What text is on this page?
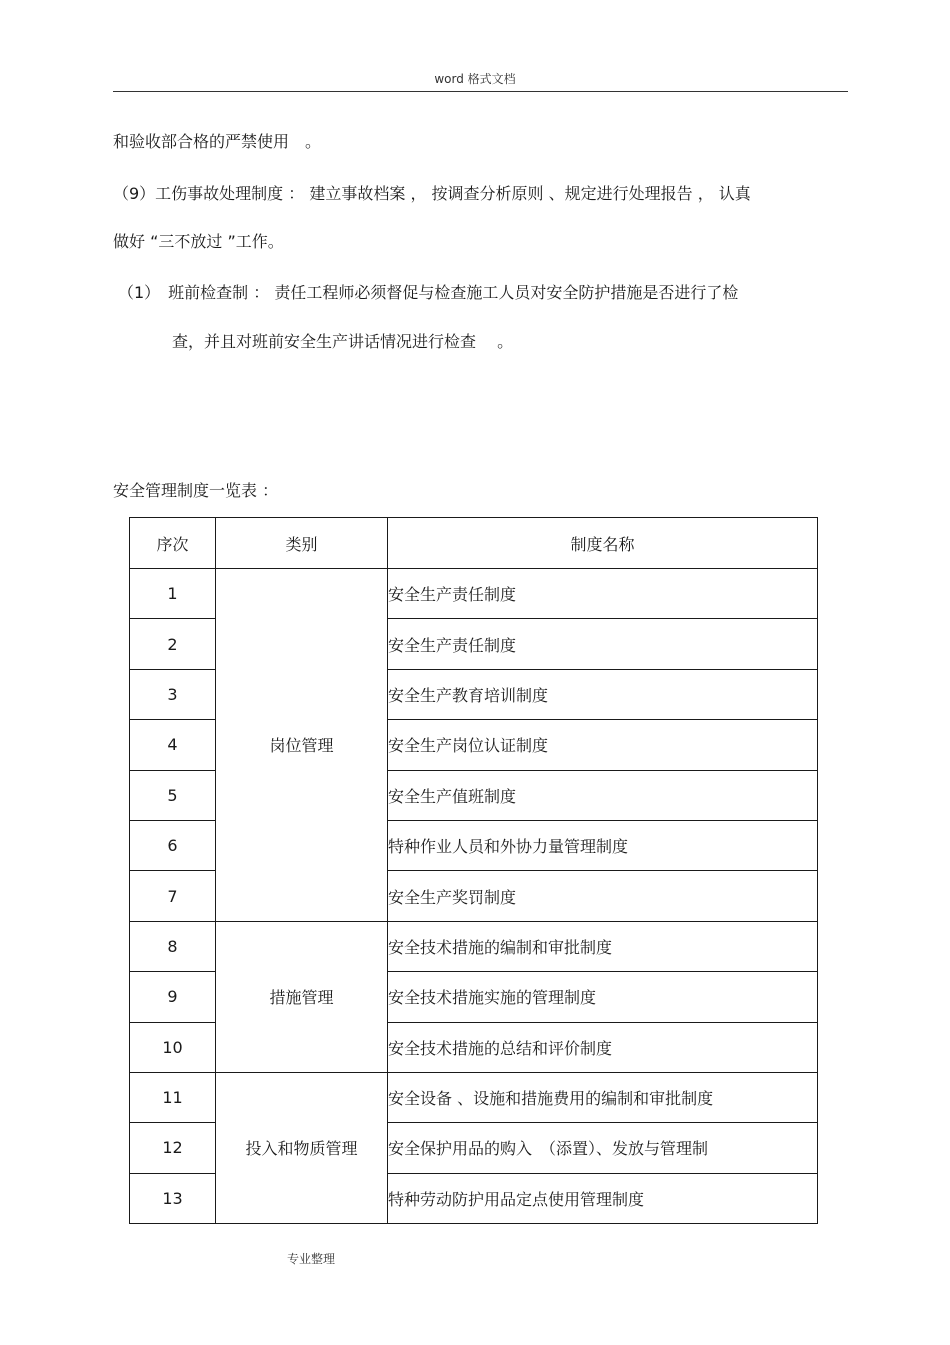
word 格式文档
和验收部合格的严禁使用　。
（9）工伤事故处理制度 ： 建立事故档案 ， 按调查分析原则 、规定进行处理报告 ， 认真
做好 “三不放过 ”工作。
（1）　班前检查制 ： 责任工程师必须督促与检查施工人员对安全防护措施是否进行了检
查，并且对班前安全生产讲话情况进行检查　 。
安全管理制度一览表 ：
序次	类别	制度名称
1	岗位管理	安全生产责任制度
2		安全生产责任制度
3		安全生产教育培训制度
4		安全生产岗位认证制度
5		安全生产值班制度
6		特种作业人员和外协力量管理制度
7		安全生产奖罚制度
8	措施管理	安全技术措施的编制和审批制度
9		安全技术措施实施的管理制度
10		安全技术措施的总结和评价制度
11	投入和物质管理	安全设备 、设施和措施费用的编制和审批制度
12		安全保护用品的购入　（添置）、发放与管理制
13		特种劳动防护用品定点使用管理制度
专业整理
